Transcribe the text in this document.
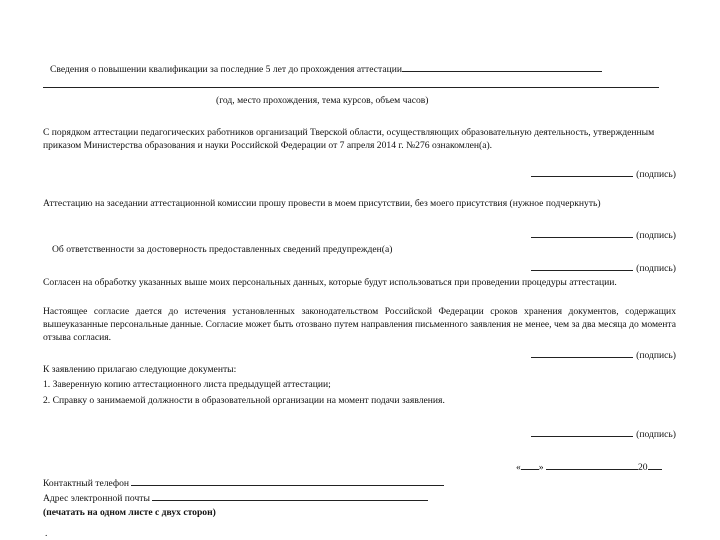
Сведения о повышении квалификации за последние 5 лет до прохождения аттестации
(год, место прохождения, тема курсов, объем часов)
С порядком аттестации педагогических работников организаций Тверской области, осуществляющих образовательную деятельность, утвержденным приказом Министерства образования и науки Российской Федерации от 7 апреля 2014 г. №276 ознакомлен(а).
(подпись)
Аттестацию на заседании аттестационной комиссии прошу провести в моем присутствии, без моего присутствия (нужное подчеркнуть)
(подпись)
Об ответственности за достоверность предоставленных сведений предупрежден(а)
(подпись)
Согласен на обработку указанных выше моих персональных данных, которые будут использоваться при проведении процедуры аттестации.
Настоящее согласие дается до истечения установленных законодательством Российской Федерации сроков хранения документов, содержащих вышеуказанные персональные данные. Согласие может быть отозвано путем направления письменного заявления не менее, чем за два месяца до момента отзыва согласия.
(подпись)
К заявлению прилагаю следующие документы:
1. Заверенную копию аттестационного листа предыдущей аттестации;
2. Справку о занимаемой должности в образовательной организации на момент подачи заявления.
(подпись)
« »	20
Контактный телефон
Адрес электронной почты
(печатать на одном листе с двух сторон)
.
